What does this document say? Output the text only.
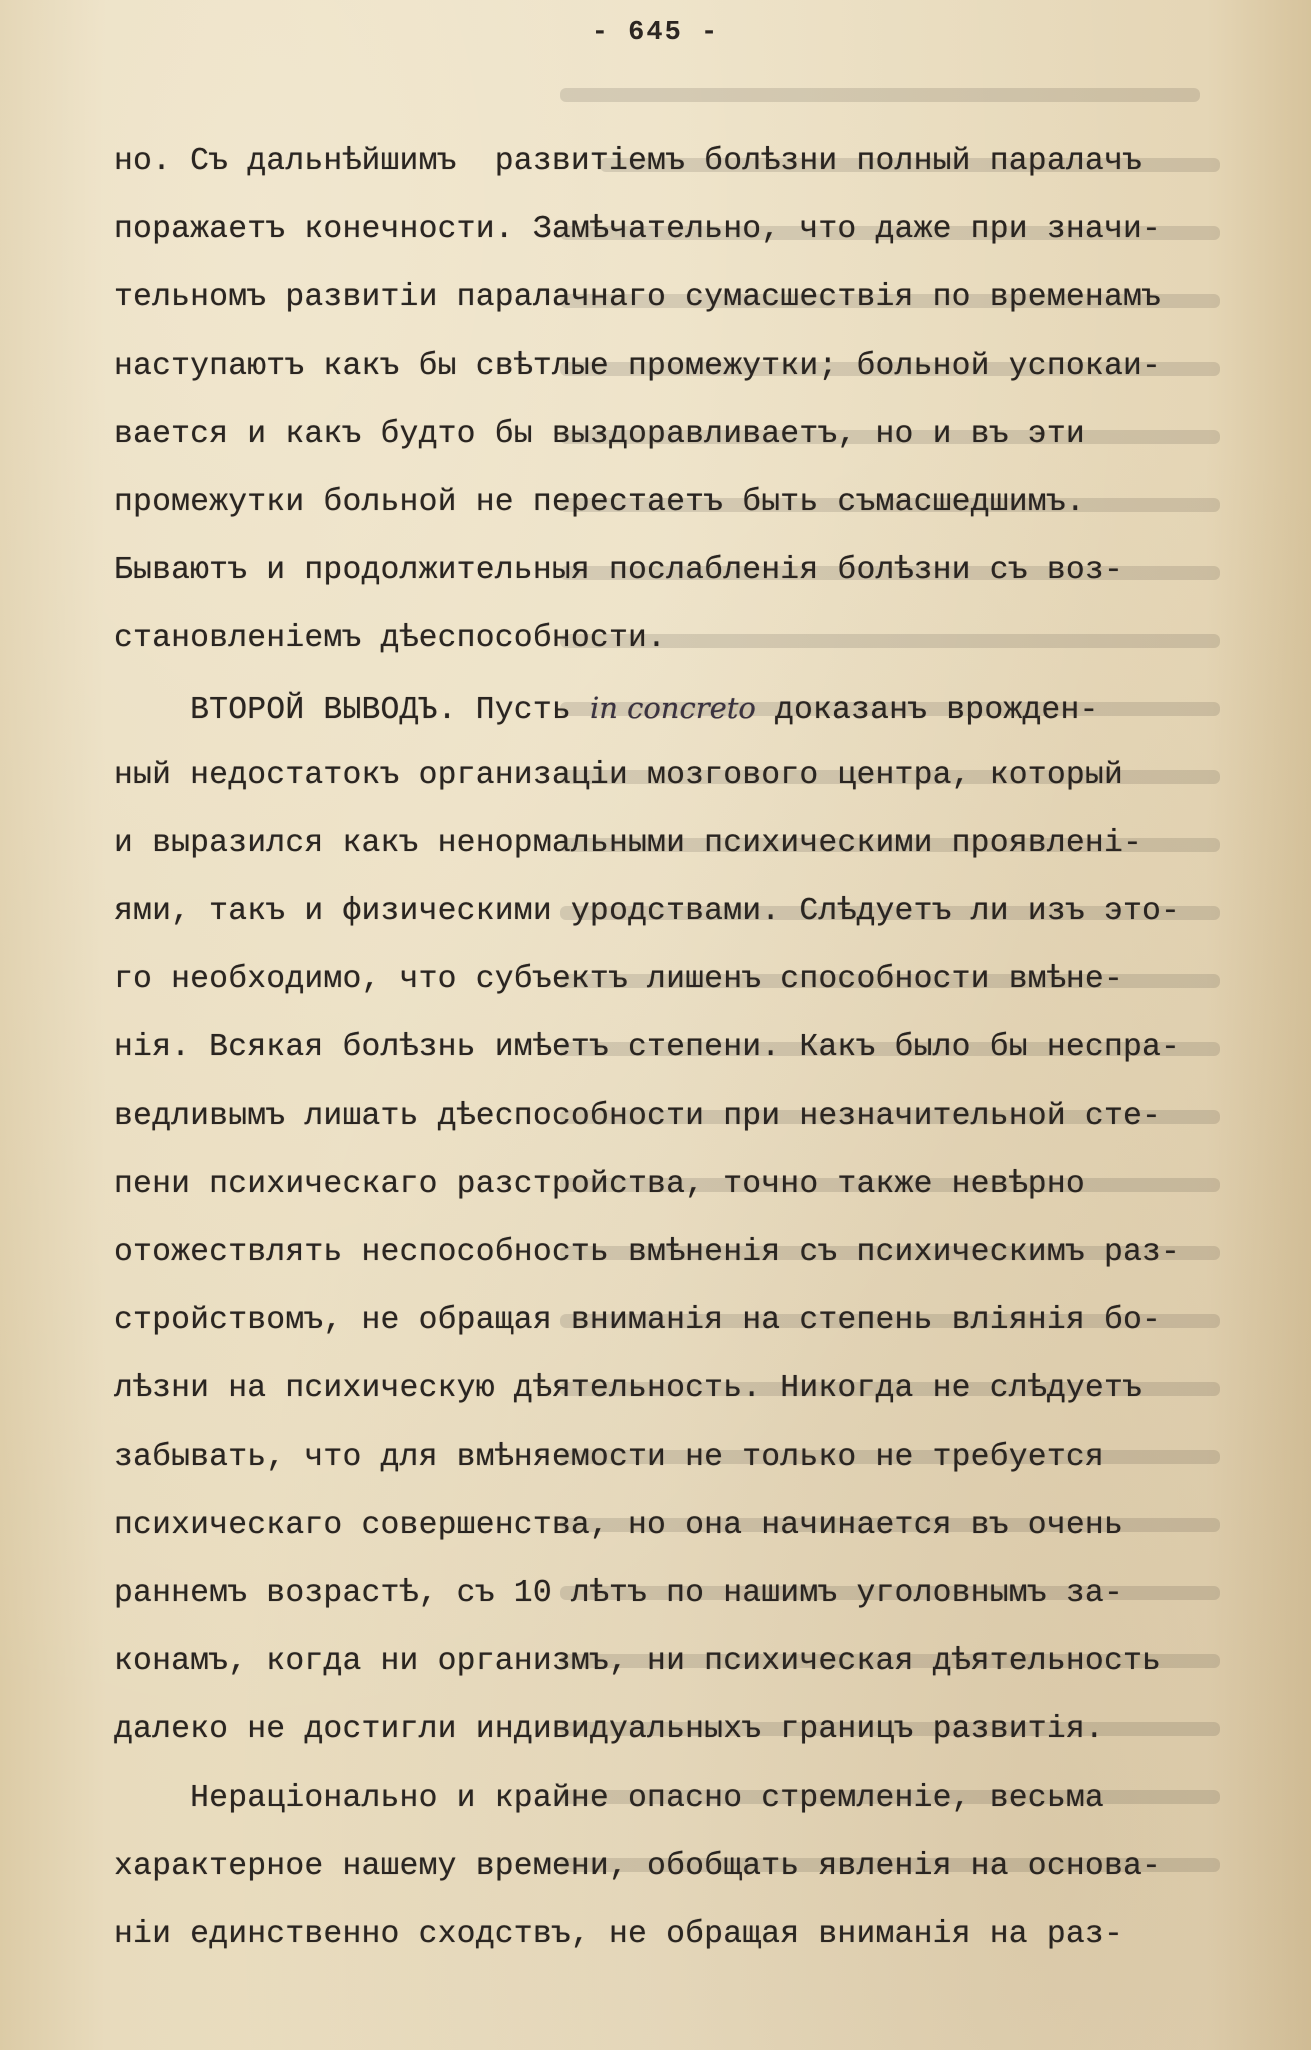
- 645 -
но. Съ дальнѣйшимъ  развитіемъ болѣзни полный паралачъ
поражаетъ конечности. Замѣчательно, что даже при значи-
тельномъ развитіи паралачнаго сумасшествія по временамъ
наступаютъ какъ бы свѣтлые промежутки; больной успокаи-
вается и какъ будто бы выздоравливаетъ, но и въ эти
промежутки больной не перестаетъ быть съмасшедшимъ.
Бываютъ и продолжительныя послабленія болѣзни съ воз-
становленіемъ дѣеспособности.
ВТОРОЙ ВЫВОДЪ. Пусть in concreto доказанъ врожден-
ный недостатокъ организаціи мозгового центра, который
и выразился какъ ненормальными психическими проявленi-
ями, такъ и физическими уродствами. Слѣдуетъ ли изъ это-
го необходимо, что субъектъ лишенъ способности вмѣне-
нія. Всякая болѣзнь имѣетъ степени. Какъ было бы неспра-
ведливымъ лишать дѣеспособности при незначительной сте-
пени психическаго разстройства, точно также невѣрно
отожествлять неспособность вмѣненія съ психическимъ раз-
стройствомъ, не обращая вниманія на степень вліянія бо-
лѣзни на психическую дѣятельность. Никогда не слѣдуетъ
забывать, что для вмѣняемости не только не требуется
психическаго совершенства, но она начинается въ очень
раннемъ возрастѣ, съ 10 лѣтъ по нашимъ уголовнымъ за-
конамъ, когда ни организмъ, ни психическая дѣятельность
далеко не достигли индивидуальныхъ границъ развитія.
Нераціонально и крайне опасно стремленіе, весьма
характерное нашему времени, обобщать явленія на основа-
ніи единственно сходствъ, не обращая вниманія на раз-
